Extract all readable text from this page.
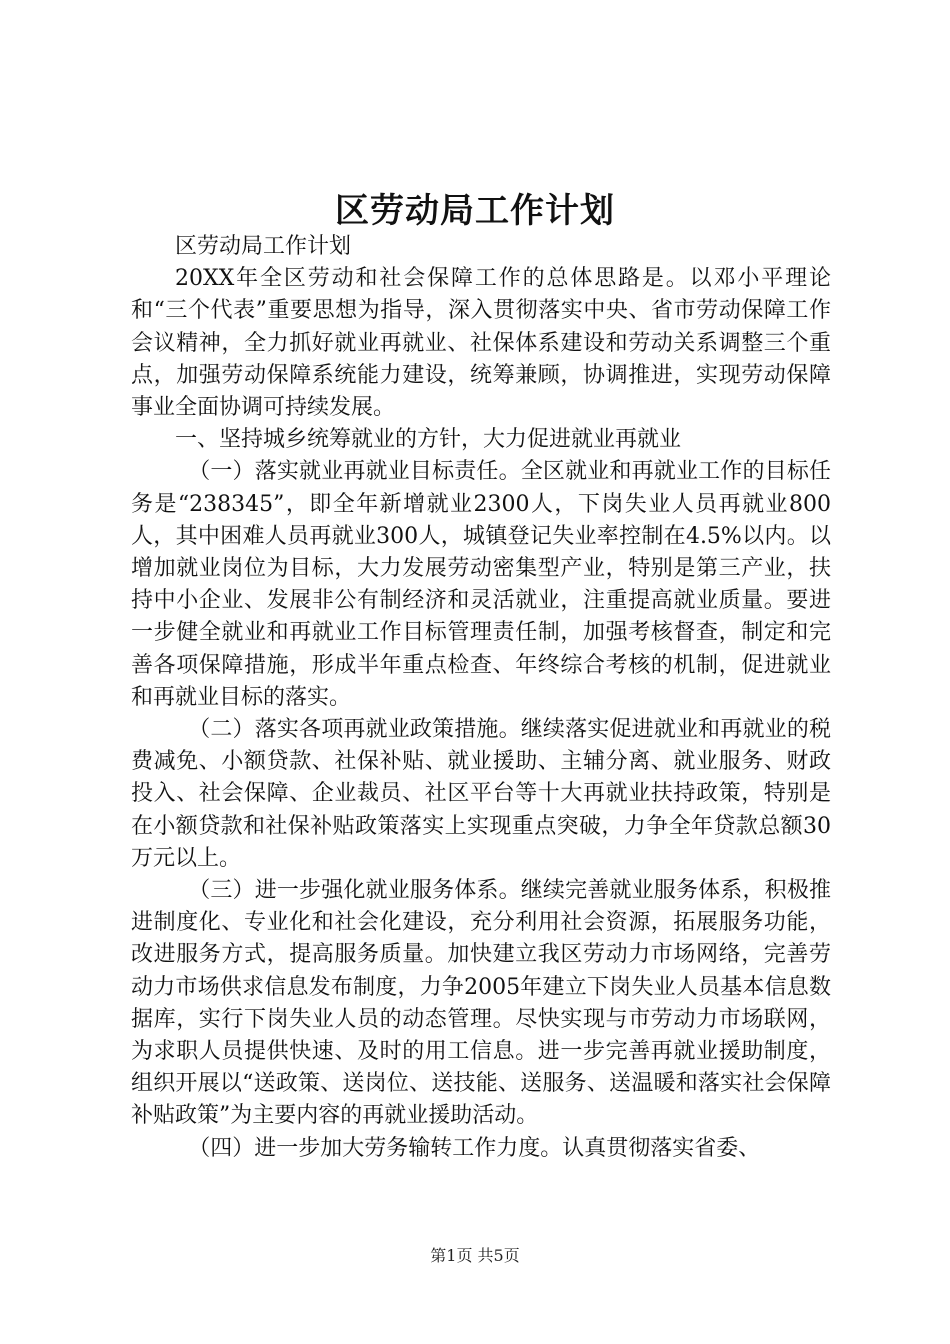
区劳动局工作计划

区劳动局工作计划

20XX年全区劳动和社会保障工作的总体思路是。以邓小平理论和“三个代表”重要思想为指导，深入贯彻落实中央、省市劳动保障工作会议精神，全力抓好就业再就业、社保体系建设和劳动关系调整三个重点，加强劳动保障系统能力建设，统筹兼顾，协调推进，实现劳动保障事业全面协调可持续发展。

一、坚持城乡统筹就业的方针，大力促进就业再就业

（一）落实就业再就业目标责任。全区就业和再就业工作的目标任务是“238345”，即全年新增就业2300人，下岗失业人员再就业800人，其中困难人员再就业300人，城镇登记失业率控制在4.5%以内。以增加就业岗位为目标，大力发展劳动密集型产业，特别是第三产业，扶持中小企业、发展非公有制经济和灵活就业，注重提高就业质量。要进一步健全就业和再就业工作目标管理责任制，加强考核督查，制定和完善各项保障措施，形成半年重点检查、年终综合考核的机制，促进就业和再就业目标的落实。

（二）落实各项再就业政策措施。继续落实促进就业和再就业的税费减免、小额贷款、社保补贴、就业援助、主辅分离、就业服务、财政投入、社会保障、企业裁员、社区平台等十大再就业扶持政策，特别是在小额贷款和社保补贴政策落实上实现重点突破，力争全年贷款总额30万元以上。

（三）进一步强化就业服务体系。继续完善就业服务体系，积极推进制度化、专业化和社会化建设，充分利用社会资源，拓展服务功能，改进服务方式，提高服务质量。加快建立我区劳动力市场网络，完善劳动力市场供求信息发布制度，力争2005年建立下岗失业人员基本信息数据库，实行下岗失业人员的动态管理。尽快实现与市劳动力市场联网，为求职人员提供快速、及时的用工信息。进一步完善再就业援助制度，组织开展以“送政策、送岗位、送技能、送服务、送温暖和落实社会保障补贴政策”为主要内容的再就业援助活动。

（四）进一步加大劳务输转工作力度。认真贯彻落实省委、

第1页 共5页
